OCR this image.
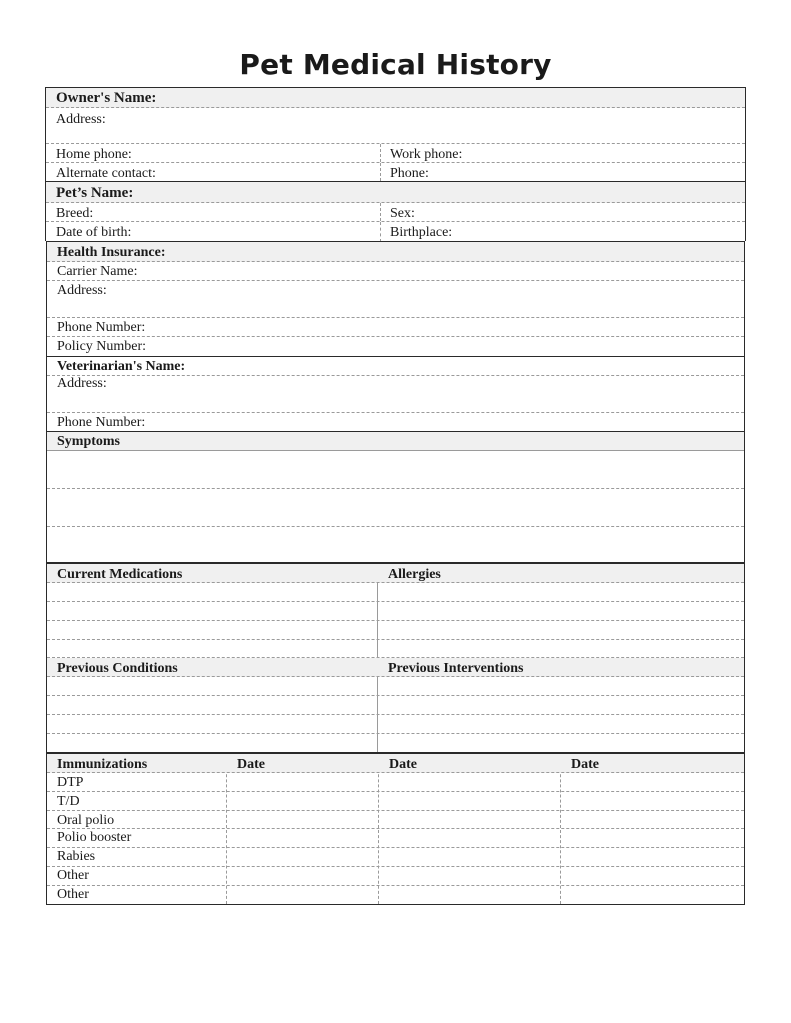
Pet Medical History
Owner's Name:
Address:
Home phone:	Work phone:
Alternate contact:	Phone:
Pet’s Name:
Breed:	Sex:
Date of birth:	Birthplace:
Health Insurance:
Carrier Name:
Address:
Phone Number:
Policy Number:
Veterinarian's Name:
Address:
Phone Number:
Symptoms
Current Medications	Allergies
Previous Conditions	Previous Interventions
Immunizations	Date	Date	Date
DTP
T/D
Oral polio
Polio booster
Rabies
Other
Other
